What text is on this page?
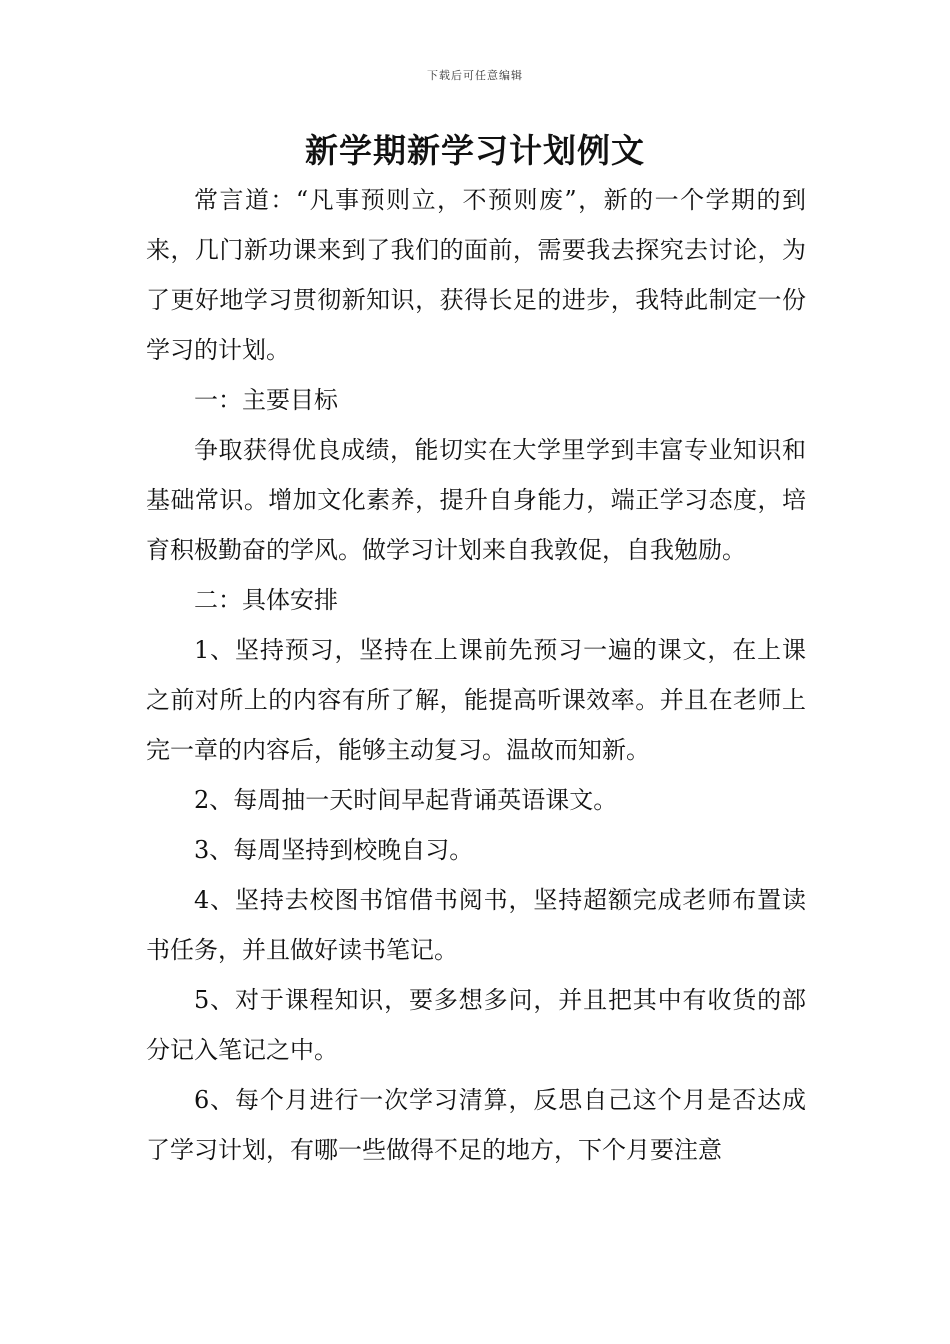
下载后可任意编辑
新学期新学习计划例文

常言道：“凡事预则立，不预则废”，新的一个学期的到来，几门新功课来到了我们的面前，需要我去探究去讨论，为了更好地学习贯彻新知识，获得长足的进步，我特此制定一份学习的计划。

一：主要目标

争取获得优良成绩，能切实在大学里学到丰富专业知识和基础常识。增加文化素养，提升自身能力，端正学习态度，培育积极勤奋的学风。做学习计划来自我敦促，自我勉励。

二：具体安排

1、坚持预习，坚持在上课前先预习一遍的课文，在上课之前对所上的内容有所了解，能提高听课效率。并且在老师上完一章的内容后，能够主动复习。温故而知新。

2、每周抽一天时间早起背诵英语课文。

3、每周坚持到校晚自习。

4、坚持去校图书馆借书阅书，坚持超额完成老师布置读书任务，并且做好读书笔记。

5、对于课程知识，要多想多问，并且把其中有收货的部分记入笔记之中。

6、每个月进行一次学习清算，反思自己这个月是否达成了学习计划，有哪一些做得不足的地方，下个月要注意
